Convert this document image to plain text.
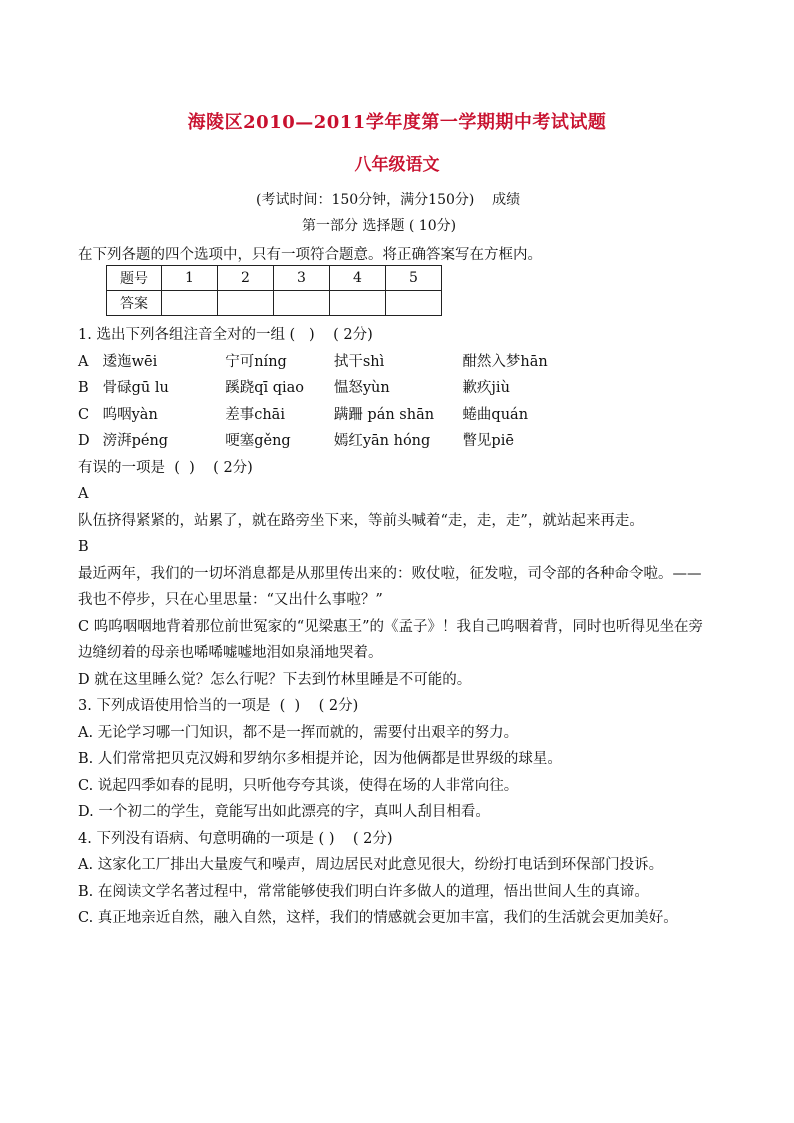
海陵区2010—2011学年度第一学期期中考试试题
八年级语文
(考试时间：150分钟，满分150分)    成绩
第一部分 选择题 ( 10分)
在下列各题的四个选项中，只有一项符合题意。将正确答案写在方框内。
题号	1	2	3	4	5
答案					
1. 选出下列各组注音全对的一组 (   )    ( 2分)
A 逶迤wēi	宁可níng	拭干shì	酣然入梦hān
B 骨碌gū lu	蹊跷qī qiao 愠怒yùn	歉疚jiù
C 呜咽yàn	差事chāi	蹒跚 pán shān 蜷曲quán
D 滂湃péng	哽塞gěng	嫣红yān hóng 瞥见piē
有误的一项是  (  )    ( 2分)
A
队伍挤得紧紧的，站累了，就在路旁坐下来，等前头喊着“走，走，走”，就站起来再走。
B
最近两年，我们的一切坏消息都是从那里传出来的：败仗啦，征发啦，司令部的各种命令啦。——我也不停步，只在心里思量：“又出什么事啦？”
C 呜呜咽咽地背着那位前世冤家的“见梁惠王”的《孟子》！我自己呜咽着背，同时也听得见坐在旁边缝纫着的母亲也唏唏嘘嘘地泪如泉涌地哭着。
D 就在这里睡么觉？怎么行呢？下去到竹林里睡是不可能的。
3. 下列成语使用恰当的一项是  (  )    ( 2分)
A. 无论学习哪一门知识，都不是一挥而就的，需要付出艰辛的努力。
B. 人们常常把贝克汉姆和罗纳尔多相提并论，因为他俩都是世界级的球星。
C. 说起四季如春的昆明，只听他夸夸其谈，使得在场的人非常向往。
D. 一个初二的学生，竟能写出如此漂亮的字，真叫人刮目相看。
4. 下列没有语病、句意明确的一项是 ( )    ( 2分)
A. 这家化工厂排出大量废气和噪声，周边居民对此意见很大，纷纷打电话到环保部门投诉。
B. 在阅读文学名著过程中，常常能够使我们明白许多做人的道理，悟出世间人生的真谛。
C. 真正地亲近自然，融入自然，这样，我们的情感就会更加丰富，我们的生活就会更加美好。
